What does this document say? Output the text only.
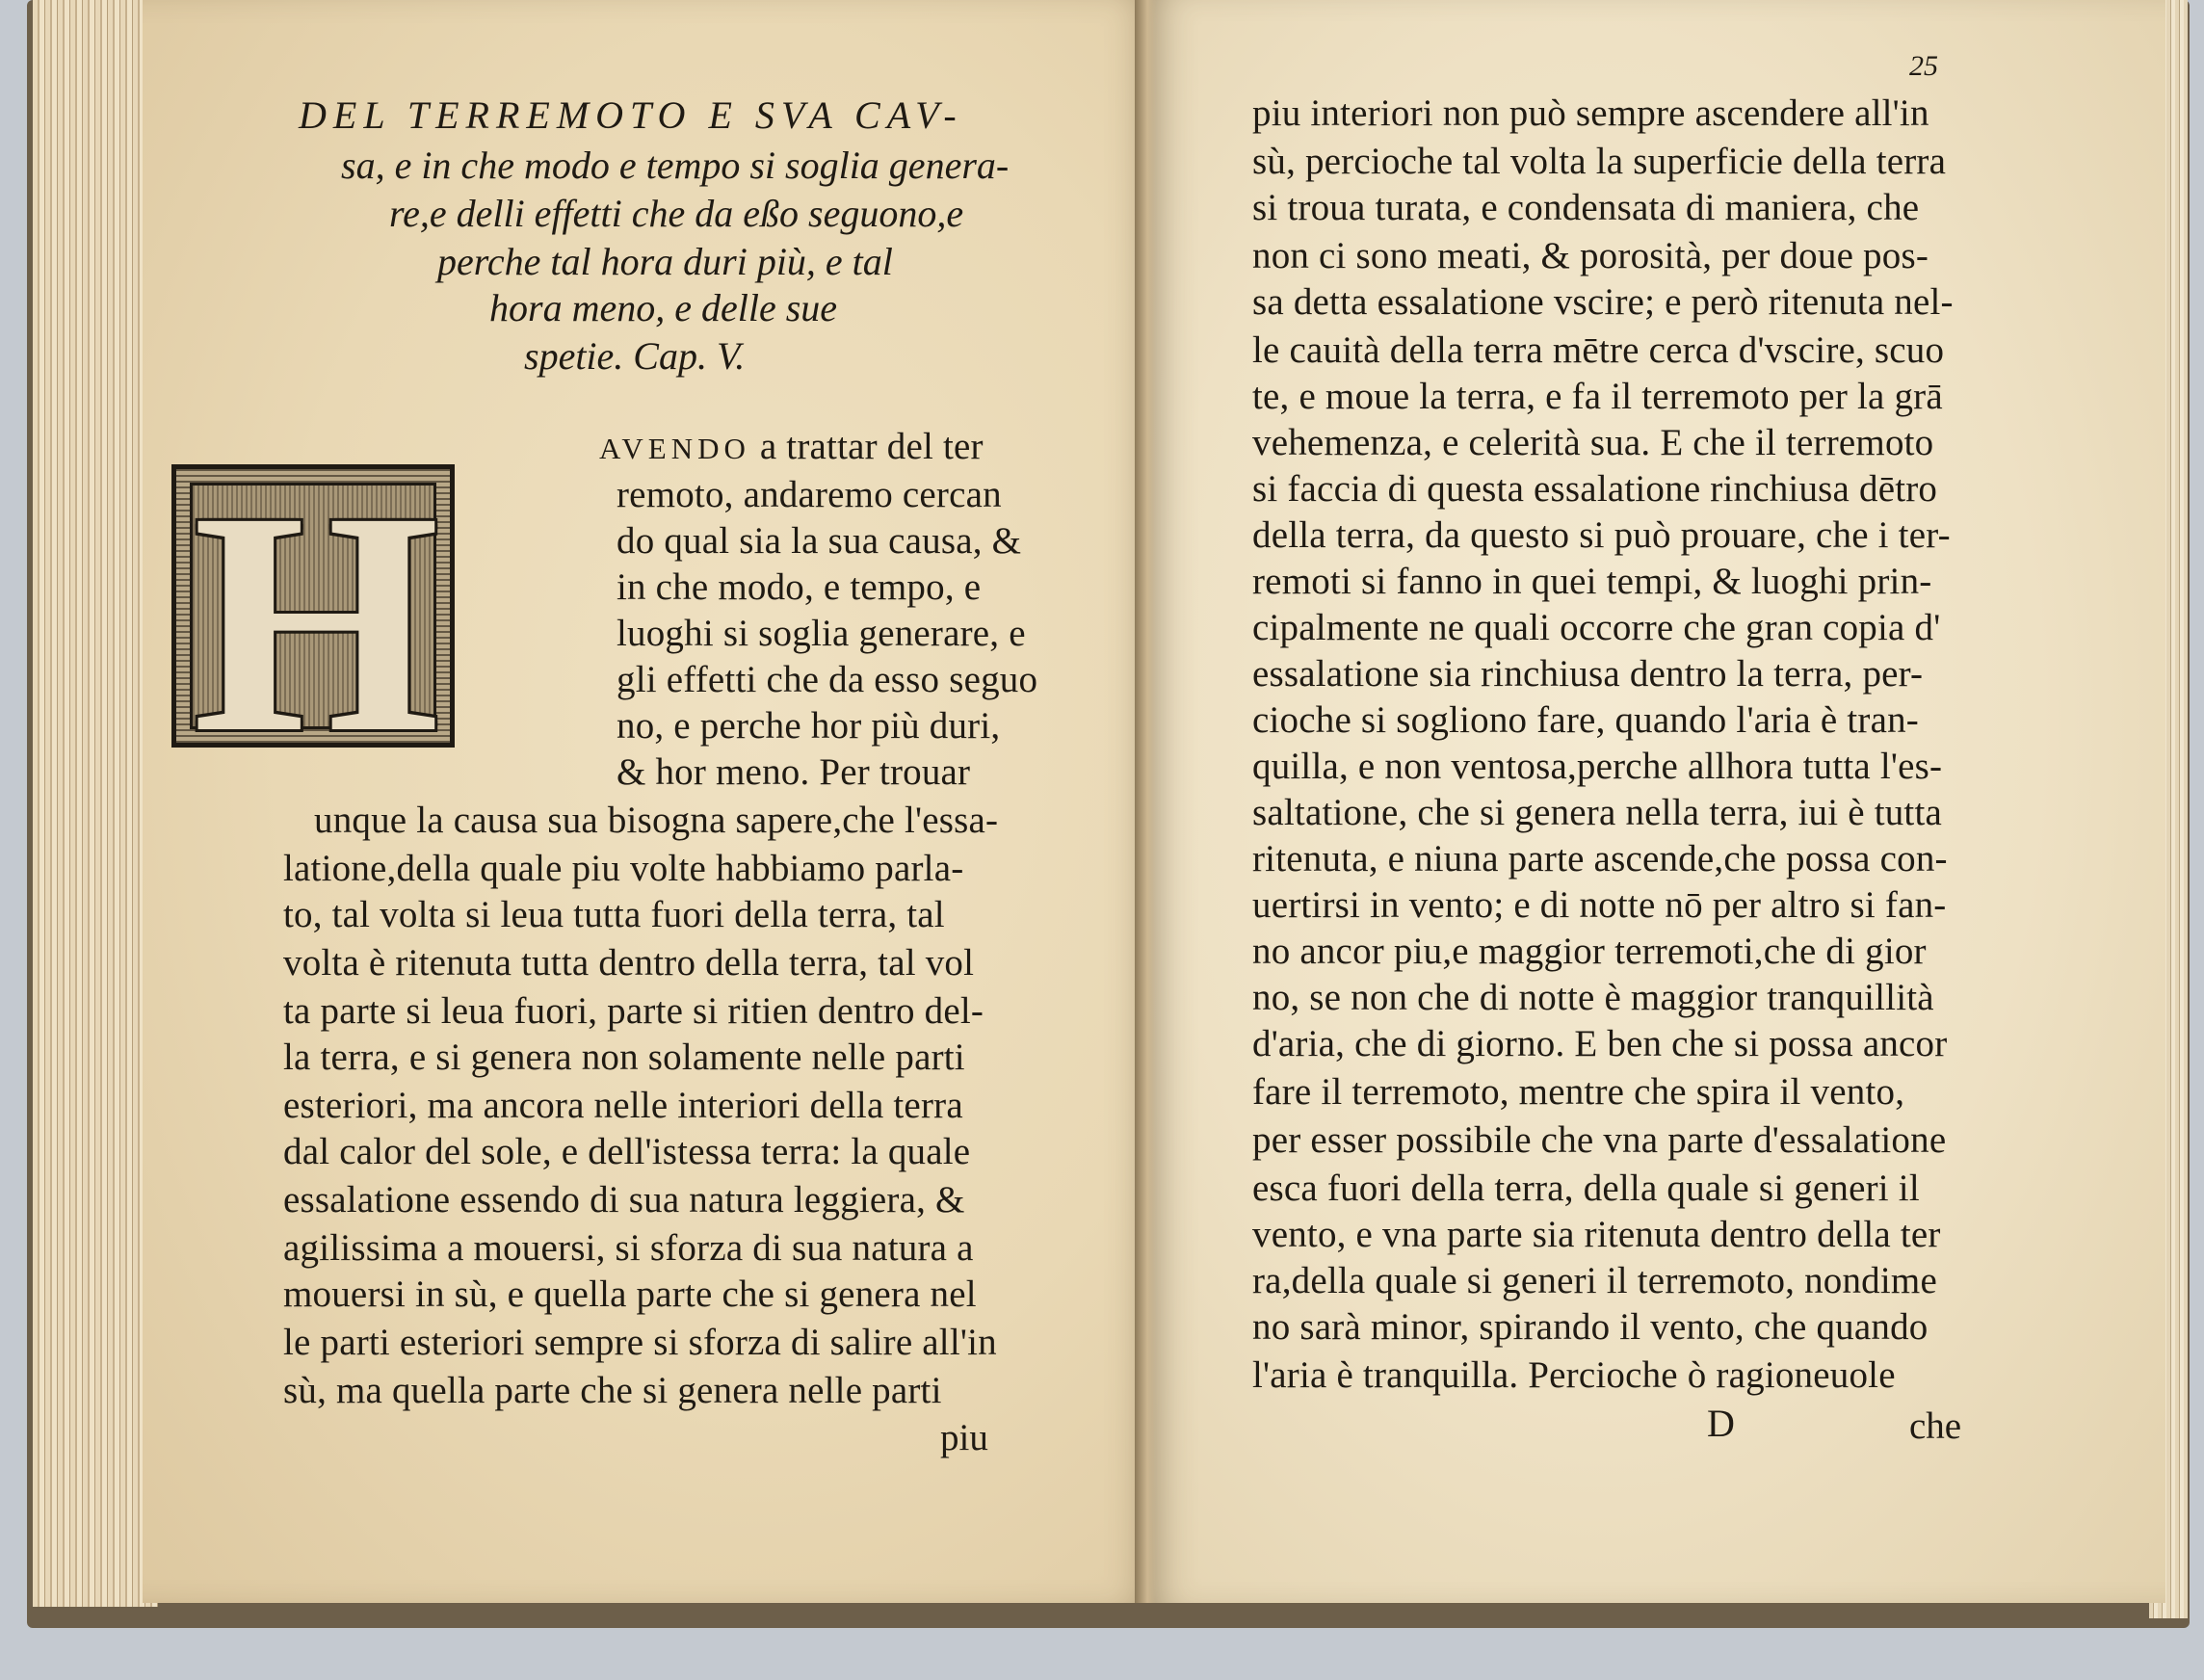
DEL TERREMOTO E SVA CAV-
sa, e in che modo e tempo si soglia genera-
re,e delli effetti che da eßo seguono,e
perche tal hora duri più, e tal
hora meno, e delle sue
spetie. Cap. V.
H	AVENDO a trattar del ter
remoto, andaremo cercan
do qual sia la sua causa, &
in che modo, e tempo, e
luoghi si soglia generare, e
gli effetti che da esso seguo
no, e perche hor più duri,
& hor meno. Per trouar
unque la causa sua bisogna sapere,che l'essa-
latione,della quale piu volte habbiamo parla-
to, tal volta si leua tutta fuori della terra, tal
volta è ritenuta tutta dentro della terra, tal vol
ta parte si leua fuori, parte si ritien dentro del-
la terra, e si genera non solamente nelle parti
esteriori, ma ancora nelle interiori della terra
dal calor del sole, e dell'istessa terra: la quale
essalatione essendo di sua natura leggiera, &
agilissima a mouersi, si sforza di sua natura a
mouersi in sù, e quella parte che si genera nel
le parti esteriori sempre si sforza di salire all'in
sù, ma quella parte che si genera nelle parti
piu
25
piu interiori non può sempre ascendere all'in
sù, percioche tal volta la superficie della terra
si troua turata, e condensata di maniera, che
non ci sono meati, & porosità, per doue pos-
sa detta essalatione vscire; e però ritenuta nel-
le cauità della terra mētre cerca d'vscire, scuo
te, e moue la terra, e fa il terremoto per la grā
vehemenza, e celerità sua. E che il terremoto
si faccia di questa essalatione rinchiusa dētro
della terra, da questo si può prouare, che i ter-
remoti si fanno in quei tempi, & luoghi prin-
cipalmente ne quali occorre che gran copia d'
essalatione sia rinchiusa dentro la terra, per-
cioche si sogliono fare, quando l'aria è tran-
quilla, e non ventosa,perche allhora tutta l'es-
saltatione, che si genera nella terra, iui è tutta
ritenuta, e niuna parte ascende,che possa con-
uertirsi in vento; e di notte nō per altro si fan-
no ancor piu,e maggior terremoti,che di gior
no, se non che di notte è maggior tranquillità
d'aria, che di giorno. E ben che si possa ancor
fare il terremoto, mentre che spira il vento,
per esser possibile che vna parte d'essalatione
esca fuori della terra, della quale si generi il
vento, e vna parte sia ritenuta dentro della ter
ra,della quale si generi il terremoto, nondime
no sarà minor, spirando il vento, che quando
l'aria è tranquilla. Percioche ò ragioneuole
D	che
